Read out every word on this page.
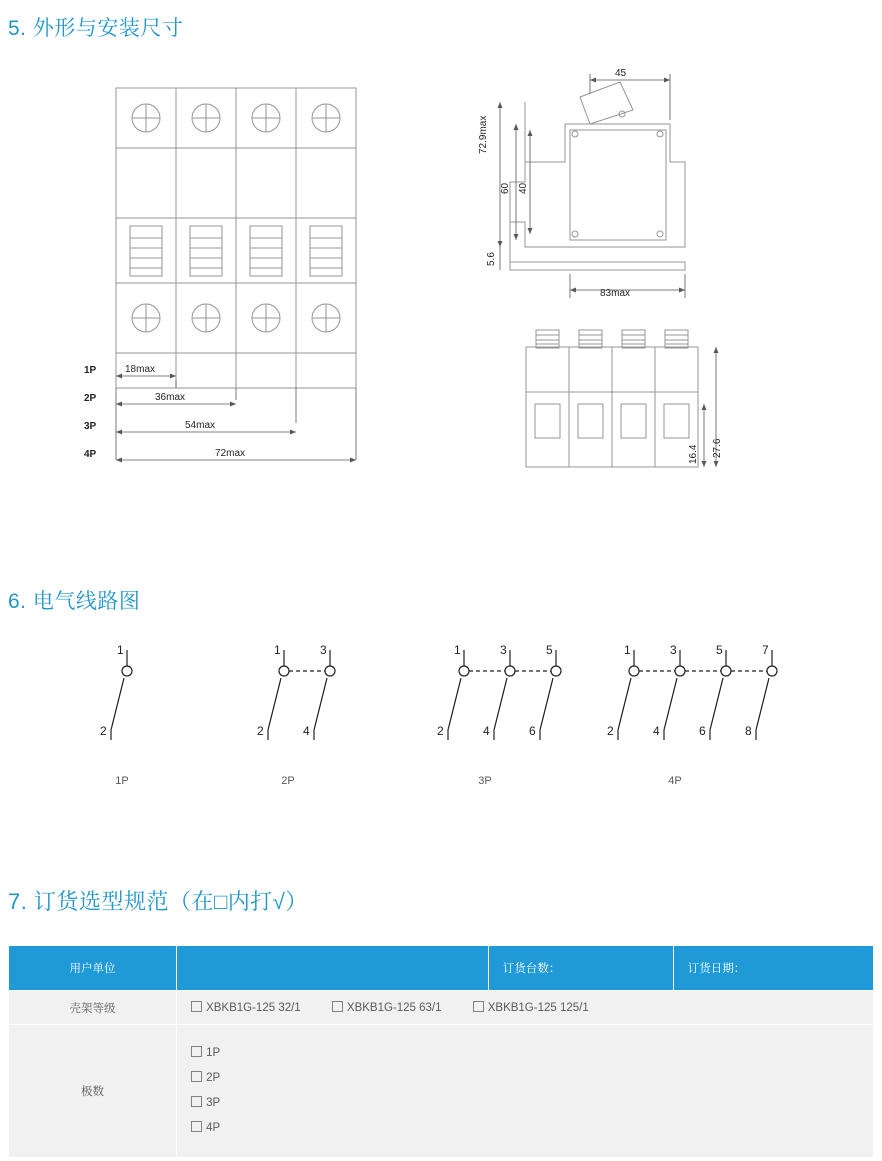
5. 外形与安装尺寸
1P
2P
3P
4P
18max
36max
54max
72max
45
72.9max
60 40
5.6
83max
16.4 27.6
6. 电气线路图
1
2
1P
1	3
2	4
2P
1	3	5
2	4	6
3P
1	3	5	7
2	4	6	8
4P
7. 订货选型规范（在□内打√）
用户单位		订货台数：	订货日期：
壳架等级	XBKB1G-125 32/1 XBKB1G-125 63/1 XBKB1G-125 125/1		
极数	1P
2P
3P
4P		
